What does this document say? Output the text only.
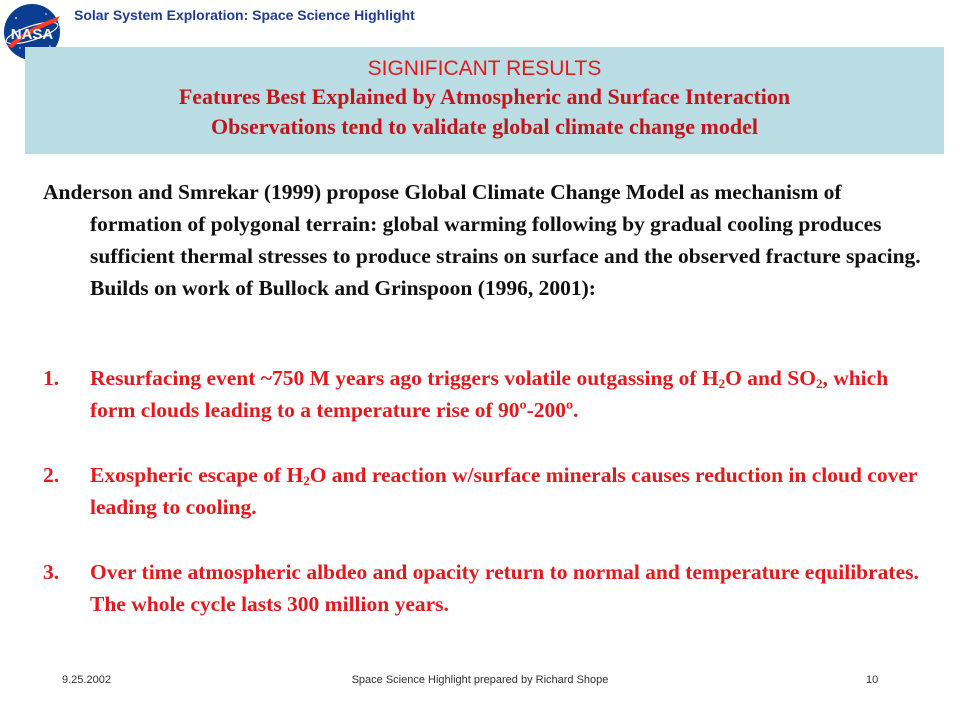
NASA
Solar System Exploration: Space Science Highlight
SIGNIFICANT RESULTS
Features Best Explained by Atmospheric and Surface Interaction
Observations tend to validate global climate change model
Anderson and Smrekar (1999) propose Global Climate Change Model as mechanism of formation of polygonal terrain: global warming following by gradual cooling produces sufficient thermal stresses to produce strains on surface and the observed fracture spacing. Builds on work of Bullock and Grinspoon (1996, 2001):
1. Resurfacing event ~750 M years ago triggers volatile outgassing of $H_2O$ and $SO_2$, which form clouds leading to a temperature rise of 90º-200º.
2. Exospheric escape of $H_2O$ and reaction w/surface minerals causes reduction in cloud cover leading to cooling.
3. Over time atmospheric albdeo and opacity return to normal and temperature equilibrates. The whole cycle lasts 300 million years.
9.25.2002	Space Science Highlight prepared by Richard Shope	10
